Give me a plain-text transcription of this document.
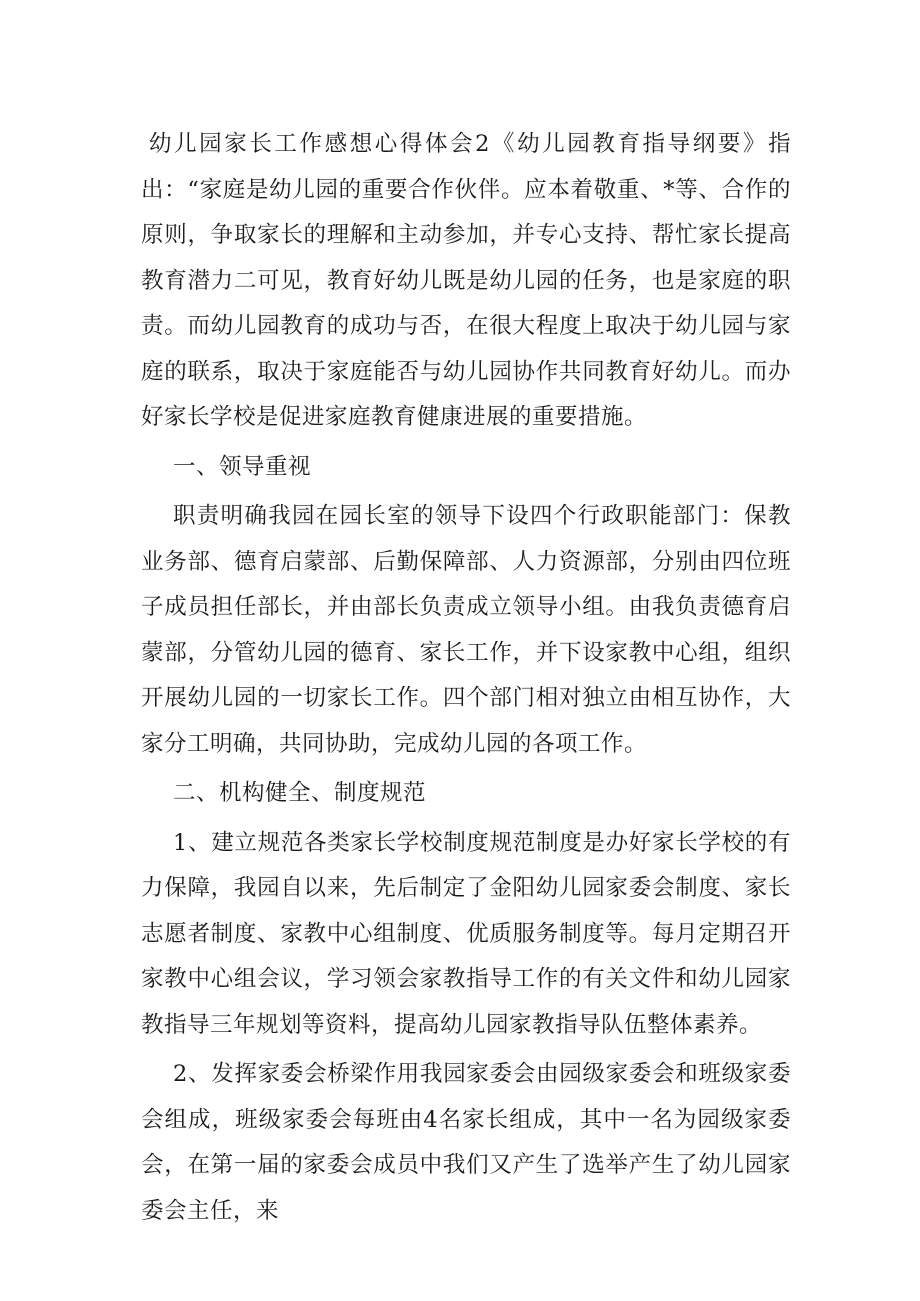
幼儿园家长工作感想心得体会2《幼儿园教育指导纲要》指出：“家庭是幼儿园的重要合作伙伴。应本着敬重、*等、合作的原则，争取家长的理解和主动参加，并专心支持、帮忙家长提高教育潜力二可见，教育好幼儿既是幼儿园的任务，也是家庭的职责。而幼儿园教育的成功与否，在很大程度上取决于幼儿园与家庭的联系，取决于家庭能否与幼儿园协作共同教育好幼儿。而办好家长学校是促进家庭教育健康进展的重要措施。

一、领导重视

职责明确我园在园长室的领导下设四个行政职能部门：保教业务部、德育启蒙部、后勤保障部、人力资源部，分别由四位班子成员担任部长，并由部长负责成立领导小组。由我负责德育启蒙部，分管幼儿园的德育、家长工作，并下设家教中心组，组织开展幼儿园的一切家长工作。四个部门相对独立由相互协作，大家分工明确，共同协助，完成幼儿园的各项工作。

二、机构健全、制度规范

1、建立规范各类家长学校制度规范制度是办好家长学校的有力保障，我园自以来，先后制定了金阳幼儿园家委会制度、家长志愿者制度、家教中心组制度、优质服务制度等。每月定期召开家教中心组会议，学习领会家教指导工作的有关文件和幼儿园家教指导三年规划等资料，提高幼儿园家教指导队伍整体素养。

2、发挥家委会桥梁作用我园家委会由园级家委会和班级家委会组成，班级家委会每班由4名家长组成，其中一名为园级家委会，在第一届的家委会成员中我们又产生了选举产生了幼儿园家委会主任，来
